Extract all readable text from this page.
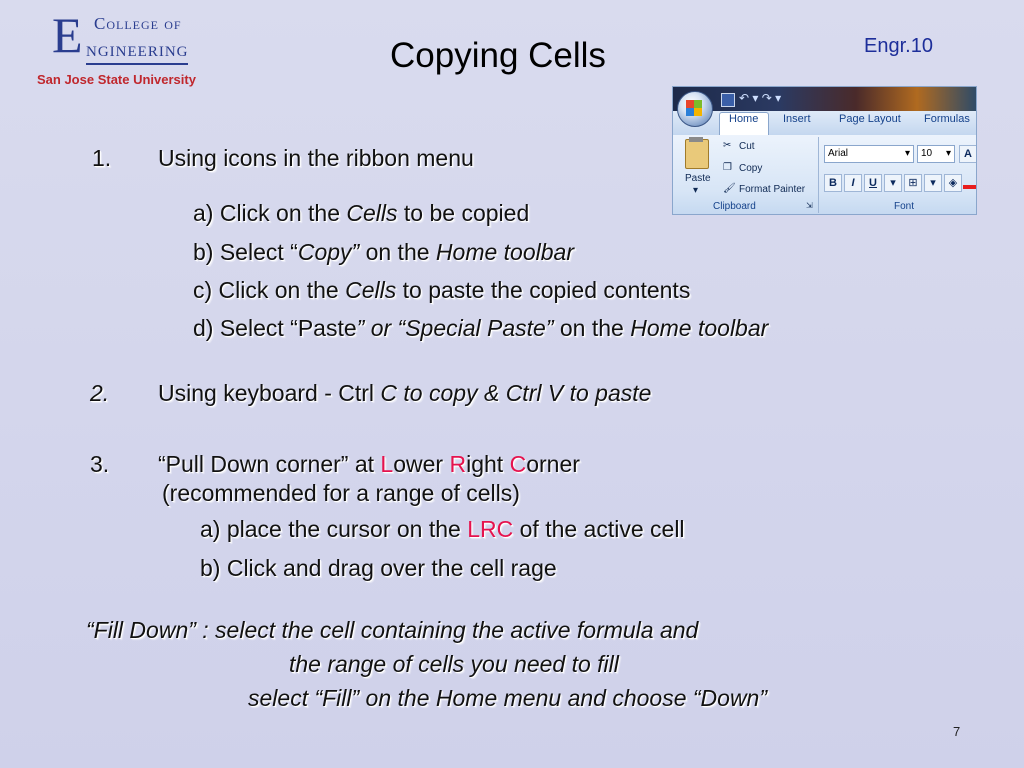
E College of
ngineering
San Jose State University
Copying Cells	Engr.10
↶ ▾ ↷ ▾
Home Insert	Page Layout Formulas
Paste
▾
✂ Cut
❐ Copy
🖌 Format Painter
Clipboard	⇲
Arial	▾	10 ▾	A
B	I	U	▾	⊞	▾	◈
Font
1. Using icons in the ribbon menu
a) Click on the Cells to be copied
b) Select “Copy” on the Home toolbar
c) Click on the Cells to paste the copied contents
d) Select “Paste” or “Special Paste” on the Home toolbar
2. Using keyboard - Ctrl C to copy & Ctrl V to paste
3. “Pull Down corner” at Lower Right Corner
(recommended for a range of cells)
a) place the cursor on the LRC of the active cell
b) Click and drag over the cell rage
“Fill Down” : select the cell containing the active formula and
the range of cells you need to fill
select “Fill” on the Home menu and choose “Down”
7
